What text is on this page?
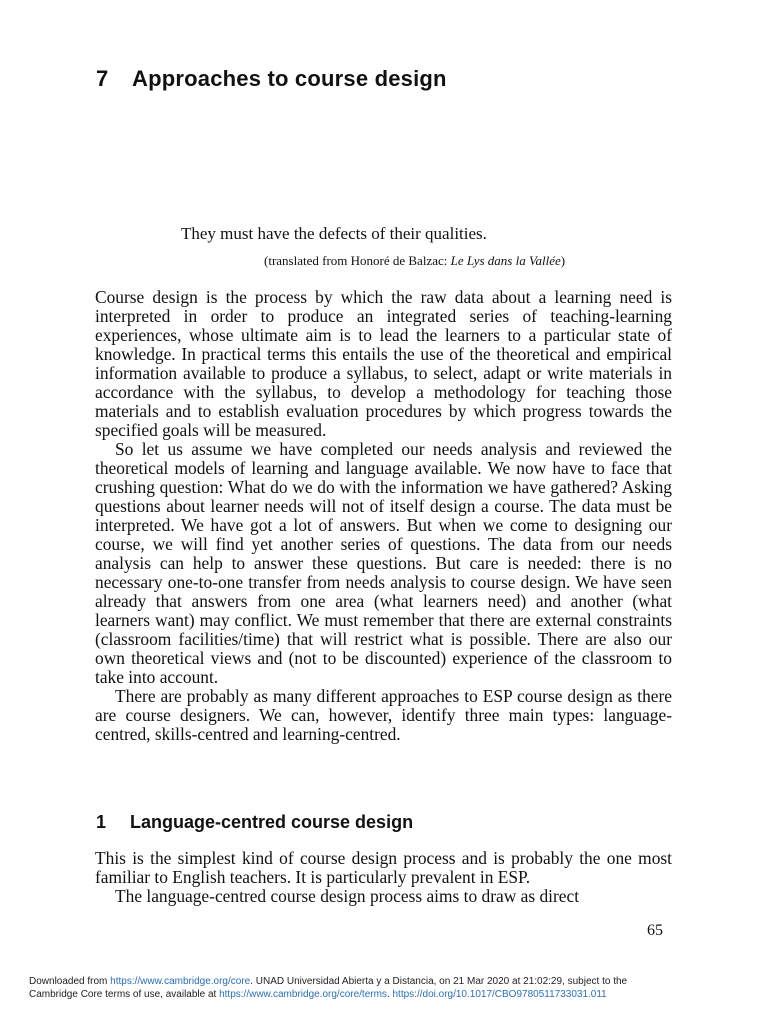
7 Approaches to course design
They must have the defects of their qualities.
(translated from Honoré de Balzac: Le Lys dans la Vallée)

Course design is the process by which the raw data about a learning need is interpreted in order to produce an integrated series of teaching-learning experiences, whose ultimate aim is to lead the learners to a particular state of knowledge. In practical terms this entails the use of the theoretical and empirical information available to produce a syllabus, to select, adapt or write materials in accordance with the syllabus, to develop a methodology for teaching those materials and to establish evaluation procedures by which progress towards the specified goals will be measured.

So let us assume we have completed our needs analysis and reviewed the theoretical models of learning and language available. We now have to face that crushing question: What do we do with the information we have gathered? Asking questions about learner needs will not of itself design a course. The data must be interpreted. We have got a lot of answers. But when we come to designing our course, we will find yet another series of questions. The data from our needs analysis can help to answer these questions. But care is needed: there is no necessary one-to-one transfer from needs analysis to course design. We have seen already that answers from one area (what learners need) and another (what learners want) may conflict. We must remember that there are external constraints (classroom facilities/time) that will restrict what is possible. There are also our own theoretical views and (not to be discounted) experience of the classroom to take into account.

There are probably as many different approaches to ESP course design as there are course designers. We can, however, identify three main types: language-centred, skills-centred and learning-centred.

1 Language-centred course design

This is the simplest kind of course design process and is probably the one most familiar to English teachers. It is particularly prevalent in ESP.

The language-centred course design process aims to draw as direct

65
Downloaded from https://www.cambridge.org/core. UNAD Universidad Abierta y a Distancia, on 21 Mar 2020 at 21:02:29, subject to the
Cambridge Core terms of use, available at https://www.cambridge.org/core/terms. https://doi.org/10.1017/CBO9780511733031.011
